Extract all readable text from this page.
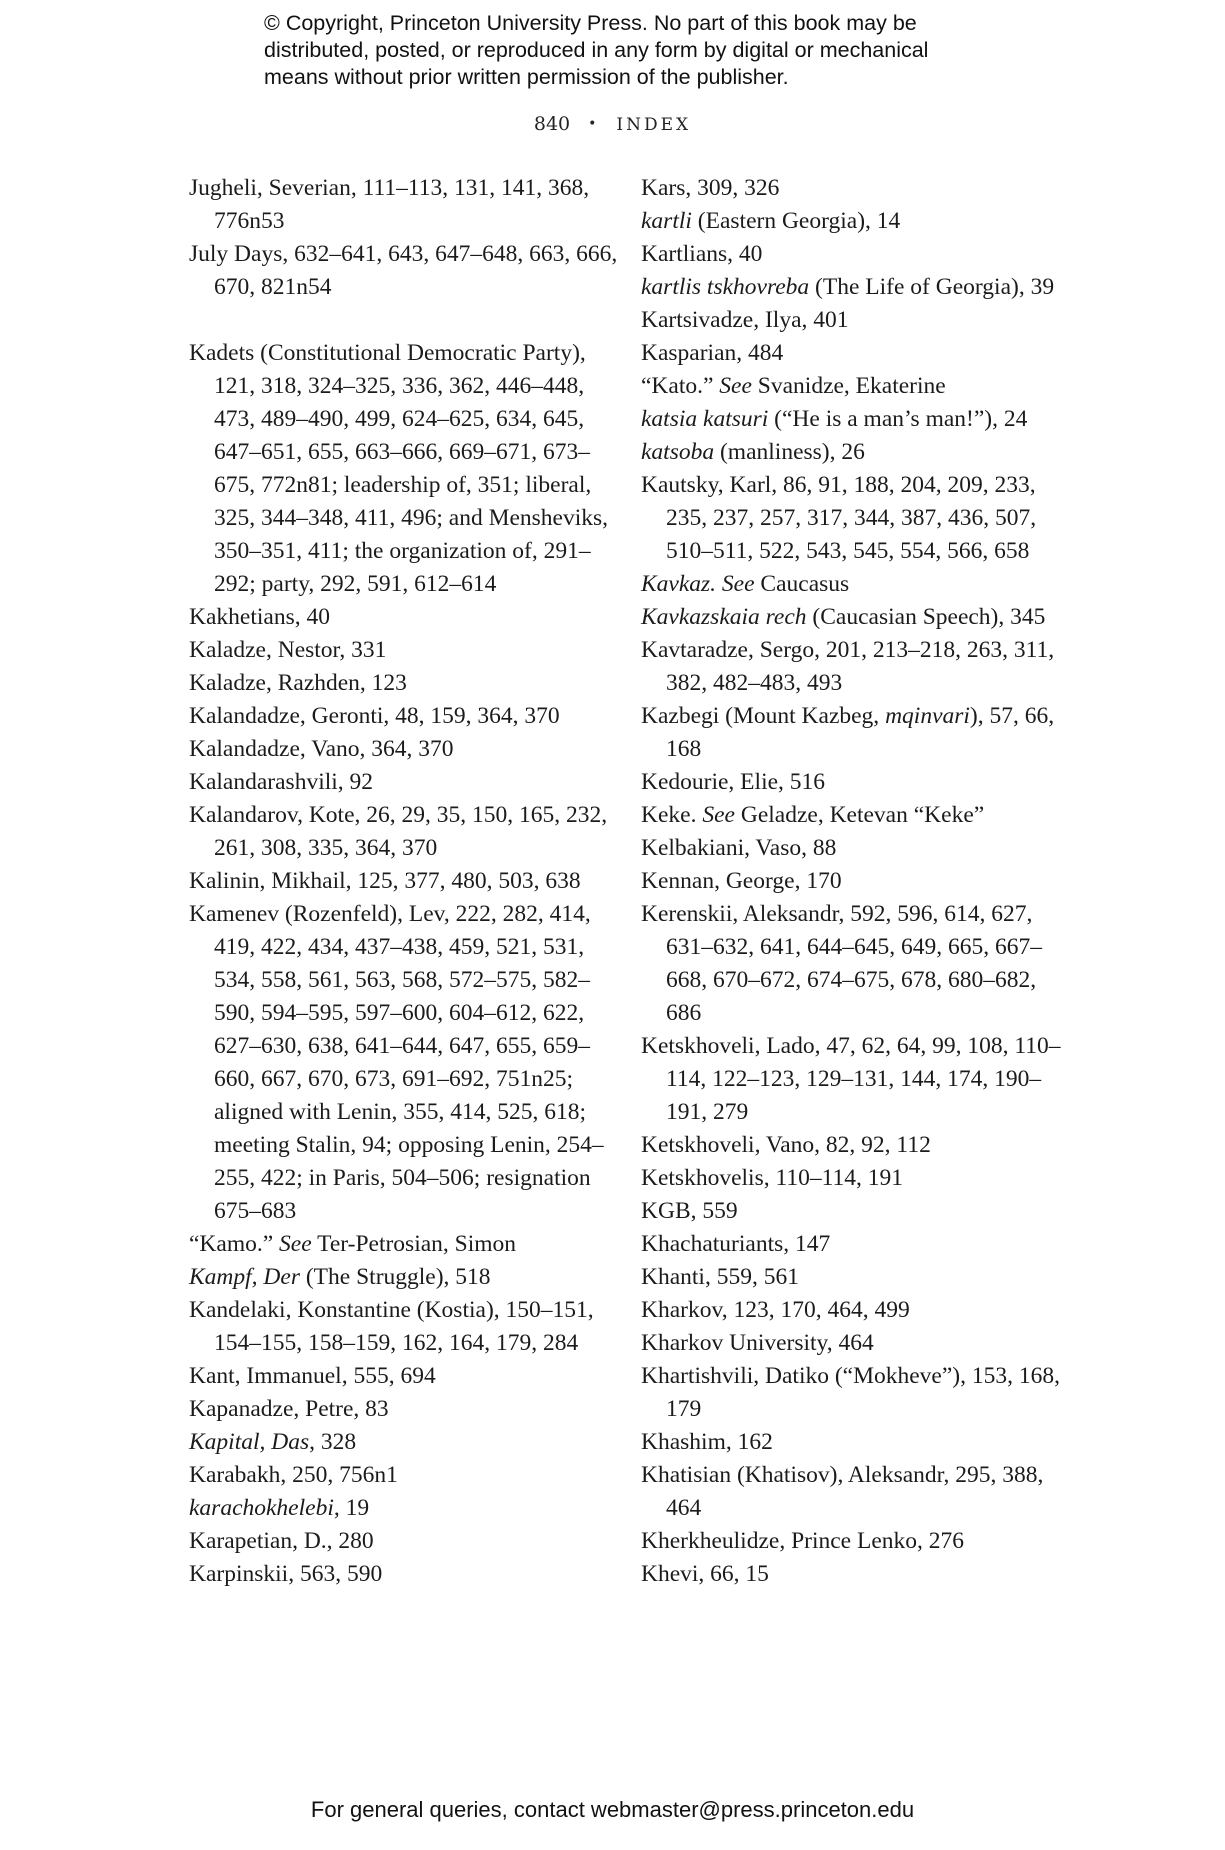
© Copyright, Princeton University Press. No part of this book may be
distributed, posted, or reproduced in any form by digital or mechanical
means without prior written permission of the publisher.
840 • INDEX
Jugheli, Severian, 111–113, 131, 141, 368, 776n53
July Days, 632–641, 643, 647–648, 663, 666, 670, 821n54
Kadets (Constitutional Democratic Party), 121, 318, 324–325, 336, 362, 446–448, 473, 489–490, 499, 624–625, 634, 645, 647–651, 655, 663–666, 669–671, 673–675, 772n81; leadership of, 351; liberal, 325, 344–348, 411, 496; and Mensheviks, 350–351, 411; the organization of, 291–292; party, 292, 591, 612–614
Kakhetians, 40
Kaladze, Nestor, 331
Kaladze, Razhden, 123
Kalandadze, Geronti, 48, 159, 364, 370
Kalandadze, Vano, 364, 370
Kalandarashvili, 92
Kalandarov, Kote, 26, 29, 35, 150, 165, 232, 261, 308, 335, 364, 370
Kalinin, Mikhail, 125, 377, 480, 503, 638
Kamenev (Rozenfeld), Lev, 222, 282, 414, 419, 422, 434, 437–438, 459, 521, 531, 534, 558, 561, 563, 568, 572–575, 582–590, 594–595, 597–600, 604–612, 622, 627–630, 638, 641–644, 647, 655, 659–660, 667, 670, 673, 691–692, 751n25; aligned with Lenin, 355, 414, 525, 618; meeting Stalin, 94; opposing Lenin, 254–255, 422; in Paris, 504–506; resignation 675–683
“Kamo.” See Ter-Petrosian, Simon
Kampf, Der (The Struggle), 518
Kandelaki, Konstantine (Kostia), 150–151, 154–155, 158–159, 162, 164, 179, 284
Kant, Immanuel, 555, 694
Kapanadze, Petre, 83
Kapital, Das, 328
Karabakh, 250, 756n1
karachokhelebi, 19
Karapetian, D., 280
Karpinskii, 563, 590
Kars, 309, 326
kartli (Eastern Georgia), 14
Kartlians, 40
kartlis tskhovreba (The Life of Georgia), 39
Kartsivadze, Ilya, 401
Kasparian, 484
“Kato.” See Svanidze, Ekaterine
katsia katsuri (“He is a man’s man!”), 24
katsoba (manliness), 26
Kautsky, Karl, 86, 91, 188, 204, 209, 233, 235, 237, 257, 317, 344, 387, 436, 507, 510–511, 522, 543, 545, 554, 566, 658
Kavkaz. See Caucasus
Kavkazskaia rech (Caucasian Speech), 345
Kavtaradze, Sergo, 201, 213–218, 263, 311, 382, 482–483, 493
Kazbegi (Mount Kazbeg, mqinvari), 57, 66, 168
Kedourie, Elie, 516
Keke. See Geladze, Ketevan “Keke”
Kelbakiani, Vaso, 88
Kennan, George, 170
Kerenskii, Aleksandr, 592, 596, 614, 627, 631–632, 641, 644–645, 649, 665, 667–668, 670–672, 674–675, 678, 680–682, 686
Ketskhoveli, Lado, 47, 62, 64, 99, 108, 110–114, 122–123, 129–131, 144, 174, 190–191, 279
Ketskhoveli, Vano, 82, 92, 112
Ketskhovelis, 110–114, 191
KGB, 559
Khachaturiants, 147
Khanti, 559, 561
Kharkov, 123, 170, 464, 499
Kharkov University, 464
Khartishvili, Datiko (“Mokheve”), 153, 168, 179
Khashim, 162
Khatisian (Khatisov), Aleksandr, 295, 388, 464
Kherkheulidze, Prince Lenko, 276
Khevi, 66, 15
For general queries, contact webmaster@press.princeton.edu
